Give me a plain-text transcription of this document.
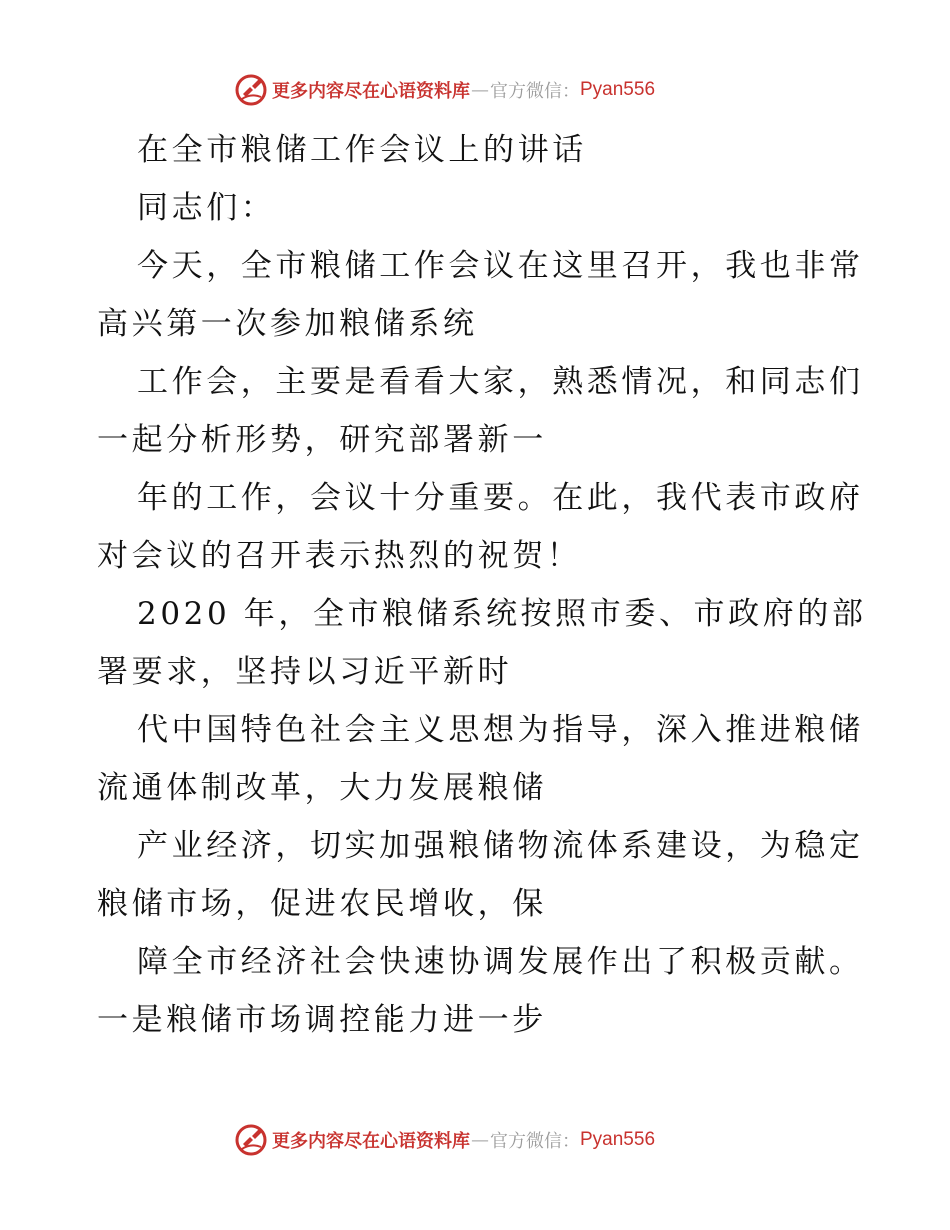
更多内容尽在心语资料库 — 官方微信： Pyan556
在全市粮储工作会议上的讲话
同志们：
今天，全市粮储工作会议在这里召开，我也非常
高兴第一次参加粮储系统
工作会，主要是看看大家，熟悉情况，和同志们
一起分析形势，研究部署新一
年的工作，会议十分重要。在此，我代表市政府
对会议的召开表示热烈的祝贺！
2020 年，全市粮储系统按照市委、市政府的部
署要求，坚持以习近平新时
代中国特色社会主义思想为指导，深入推进粮储
流通体制改革，大力发展粮储
产业经济，切实加强粮储物流体系建设，为稳定
粮储市场，促进农民增收，保
障全市经济社会快速协调发展作出了积极贡献。
一是粮储市场调控能力进一步
更多内容尽在心语资料库 — 官方微信： Pyan556
